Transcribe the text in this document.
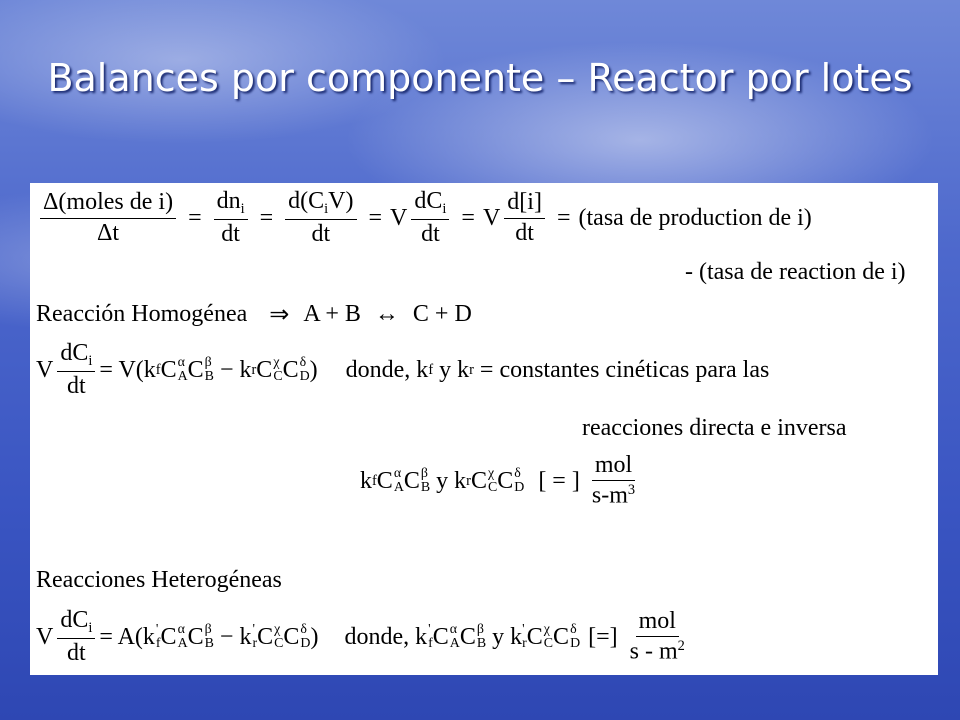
Balances por componente – Reactor por lotes
$\frac{\text{Δ(moles de i)}}{\Delta t} = \frac{dn_i}{dt} = \frac{d(C_iV)}{dt} = V \frac{dC_i}{dt} = V \frac{d[i]}{dt}$ = (tasa de production de i)
- (tasa de reaction de i)
Reacción Homogénea ⇒ A + B ↔ C + D
V $\frac{dC_i}{dt} = V(k$ f C α
A C β
B − k r C χ
C C δ
D ) donde, k f y k r = constantes cinéticas para las
reacciones directa e inversa
k f C α
A C β
B y k r C χ
C C δ
D [ = ] $\frac{\text{mol}}{s-m^3}$
Reacciones Heterogéneas
V $\frac{dC_i}{dt} = A(k$ '
f C α
A C β
B − k '
r C χ
C C δ
D ) donde, k '
f C α
A C β
B y k '
r C χ
C C δ
D [=] $\frac{\text{mol}}{s - m^2}$
